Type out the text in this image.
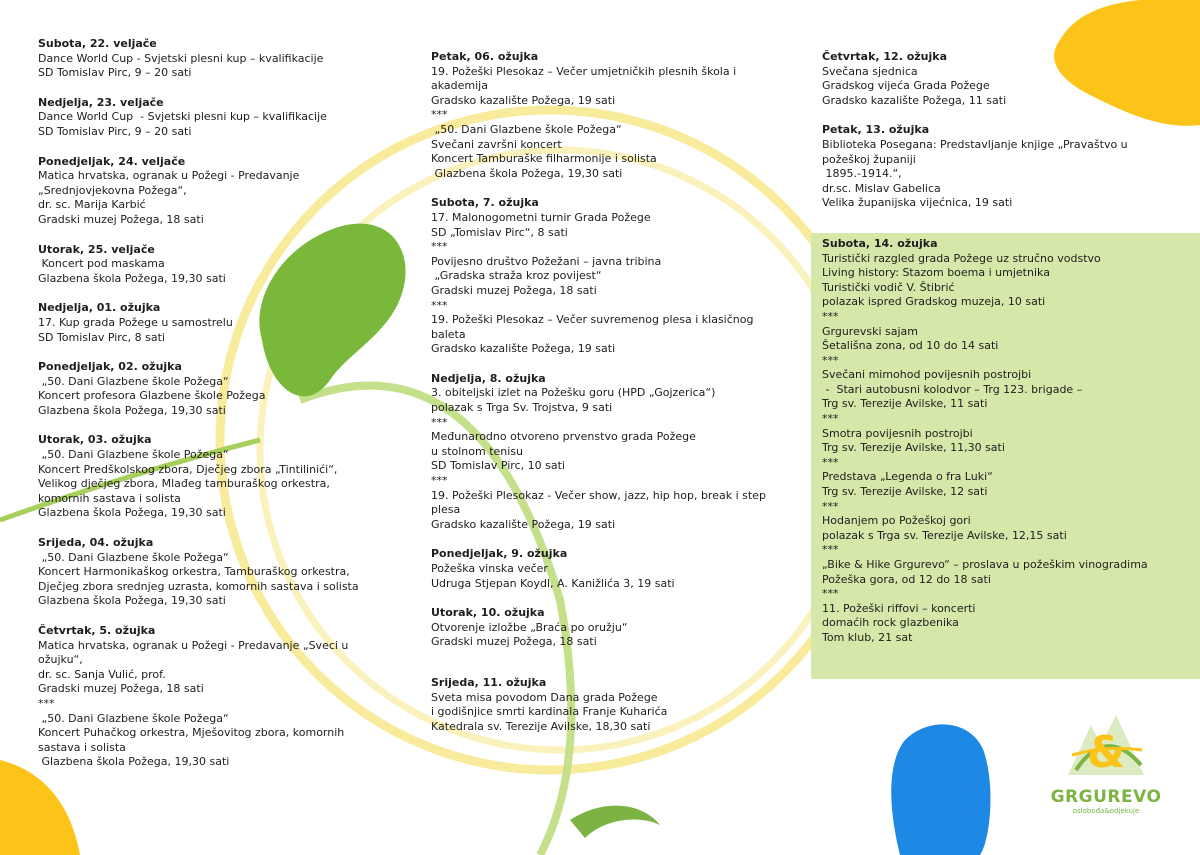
Subota, 22. veljače
Dance World Cup - Svjetski plesni kup – kvalifikacije
SD Tomislav Pirc, 9 – 20 sati
Nedjelja, 23. veljače
Dance World Cup  - Svjetski plesni kup – kvalifikacije
SD Tomislav Pirc, 9 – 20 sati
Ponedjeljak, 24. veljače
Matica hrvatska, ogranak u Požegi - Predavanje
„Srednjovjekovna Požega“,
dr. sc. Marija Karbić
Gradski muzej Požega, 18 sati
Utorak, 25. veljače
Koncert pod maskama
Glazbena škola Požega, 19,30 sati
Nedjelja, 01. ožujka
17. Kup grada Požege u samostrelu
SD Tomislav Pirc, 8 sati
Ponedjeljak, 02. ožujka
„50. Dani Glazbene škole Požega“
Koncert profesora Glazbene škole Požega
Glazbena škola Požega, 19,30 sati
Utorak, 03. ožujka
„50. Dani Glazbene škole Požega“
Koncert Predškolskog zbora, Dječjeg zbora „Tintilinići“,
Velikog dječjeg zbora, Mlađeg tamburaškog orkestra,
komornih sastava i solista
Glazbena škola Požega, 19,30 sati
Srijeda, 04. ožujka
„50. Dani Glazbene škole Požega“
Koncert Harmonikaškog orkestra, Tamburaškog orkestra,
Dječjeg zbora srednjeg uzrasta, komornih sastava i solista
Glazbena škola Požega, 19,30 sati
Četvrtak, 5. ožujka
Matica hrvatska, ogranak u Požegi - Predavanje „Sveci u
ožujku“,
dr. sc. Sanja Vulić, prof.
Gradski muzej Požega, 18 sati
***
„50. Dani Glazbene škole Požega“
Koncert Puhačkog orkestra, Mješovitog zbora, komornih
sastava i solista
Glazbena škola Požega, 19,30 sati
Petak, 06. ožujka
19. Požeški Plesokaz – Večer umjetničkih plesnih škola i
akademija
Gradsko kazalište Požega, 19 sati
***
„50. Dani Glazbene škole Požega“
Svečani završni koncert
Koncert Tamburaške filharmonije i solista
Glazbena škola Požega, 19,30 sati
Subota, 7. ožujka
17. Malonogometni turnir Grada Požege
SD „Tomislav Pirc“, 8 sati
***
Povijesno društvo Požežani – javna tribina
„Gradska straža kroz povijest“
Gradski muzej Požega, 18 sati
***
19. Požeški Plesokaz – Večer suvremenog plesa i klasičnog
baleta
Gradsko kazalište Požega, 19 sati
Nedjelja, 8. ožujka
3. obiteljski izlet na Požešku goru (HPD „Gojzerica“)
polazak s Trga Sv. Trojstva, 9 sati
***
Međunarodno otvoreno prvenstvo grada Požege
u stolnom tenisu
SD Tomislav Pirc, 10 sati
***
19. Požeški Plesokaz - Večer show, jazz, hip hop, break i step
plesa
Gradsko kazalište Požega, 19 sati
Ponedjeljak, 9. ožujka
Požeška vinska večer
Udruga Stjepan Koydl, A. Kanižlića 3, 19 sati
Utorak, 10. ožujka
Otvorenje izložbe „Braća po oružju“
Gradski muzej Požega, 18 sati
Srijeda, 11. ožujka
Sveta misa povodom Dana grada Požege
i godišnjice smrti kardinala Franje Kuharića
Katedrala sv. Terezije Avilske, 18,30 sati
Četvrtak, 12. ožujka
Svečana sjednica
Gradskog vijeća Grada Požege
Gradsko kazalište Požega, 11 sati
Petak, 13. ožujka
Biblioteka Posegana: Predstavljanje knjige „Pravaštvo u
požeškoj županiji
1895.-1914.“,
dr.sc. Mislav Gabelica
Velika županijska vijećnica, 19 sati
Subota, 14. ožujka
Turistički razgled grada Požege uz stručno vodstvo
Living history: Stazom boema i umjetnika
Turistički vodič V. Štibrić
polazak ispred Gradskog muzeja, 10 sati
***
Grgurevski sajam
Šetališna zona, od 10 do 14 sati
***
Svečani mimohod povijesnih postrojbi
-  Stari autobusni kolodvor – Trg 123. brigade –
Trg sv. Terezije Avilske, 11 sati
***
Smotra povijesnih postrojbi
Trg sv. Terezije Avilske, 11,30 sati
***
Predstava „Legenda o fra Luki“
Trg sv. Terezije Avilske, 12 sati
***
Hodanjem po Požeškoj gori
polazak s Trga sv. Terezije Avilske, 12,15 sati
***
„Bike & Hike Grgurevo“ – proslava u požeškim vinogradima
Požeška gora, od 12 do 18 sati
***
11. Požeški riffovi – koncerti
domaćih rock glazbenika
Tom klub, 21 sat
&
GRGUREVO
oslobođa&odjekuje
